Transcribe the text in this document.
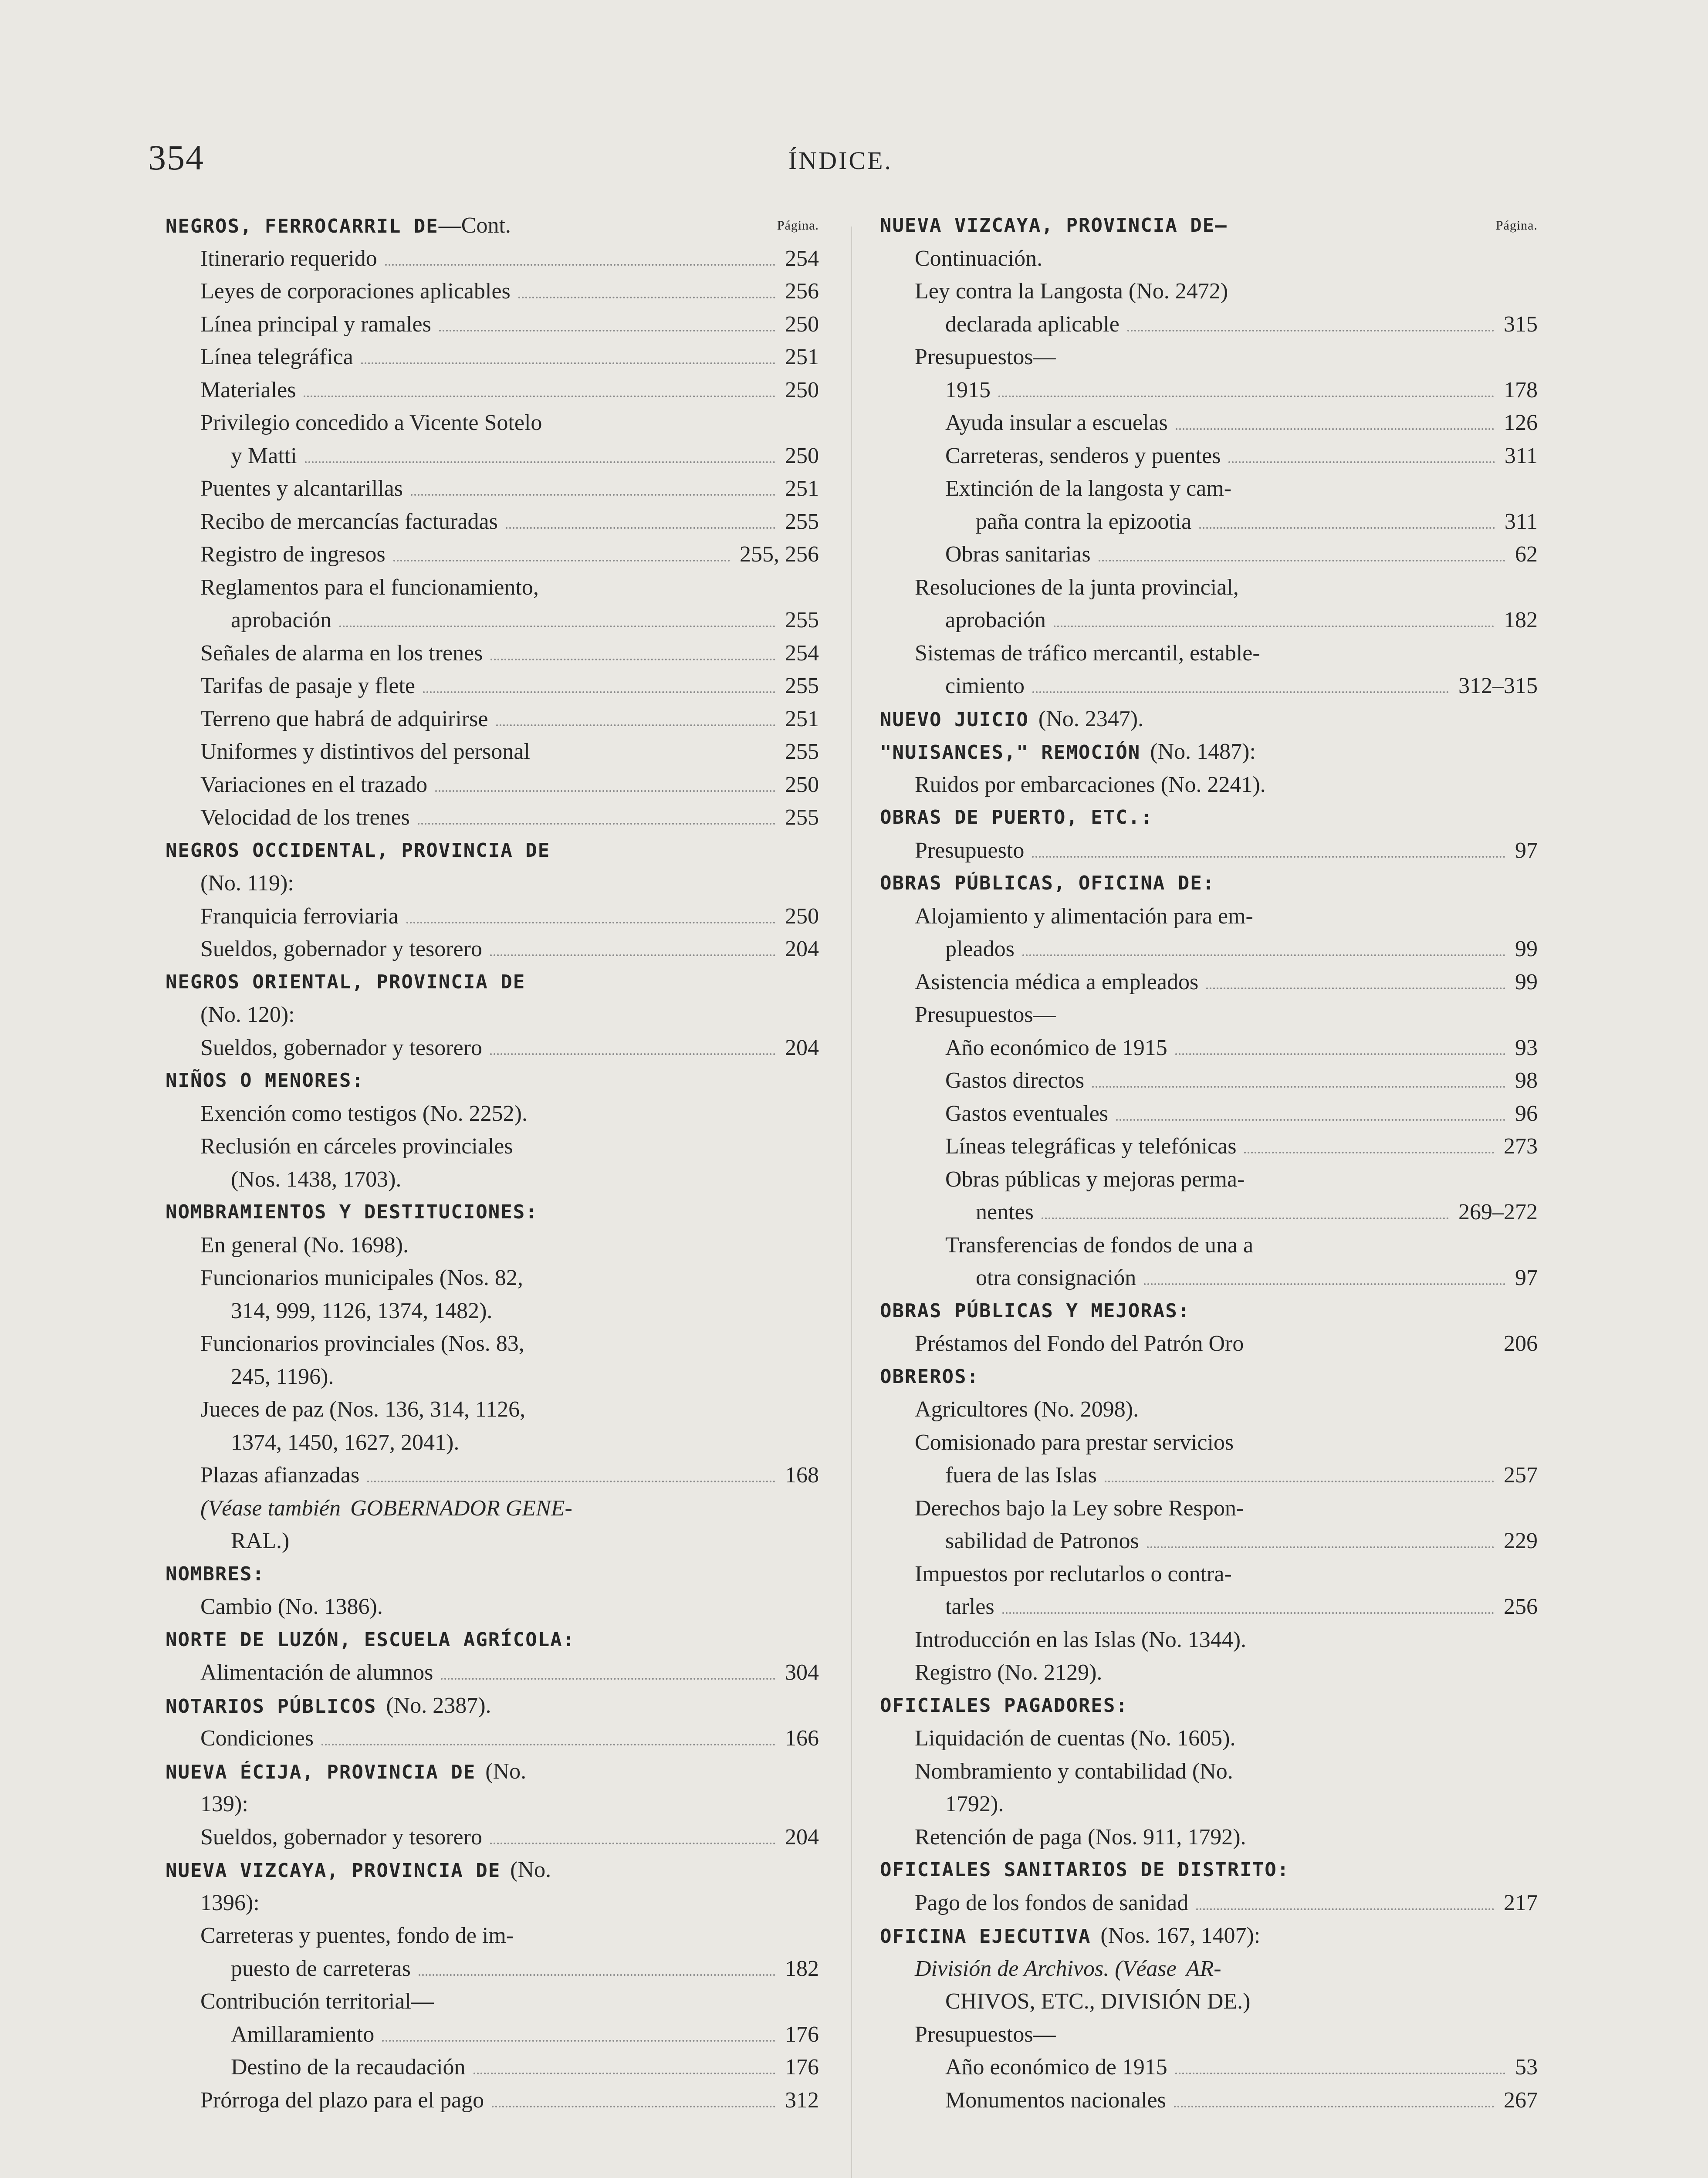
354	ÍNDICE.
NEGROS, FERROCARRIL DE—Cont.	Página.
Itinerario requerido	254
Leyes de corporaciones aplicables	256
Línea principal y ramales	250
Línea telegráfica	251
Materiales	250
Privilegio concedido a Vicente Sotelo
y Matti	250
Puentes y alcantarillas	251
Recibo de mercancías facturadas	255
Registro de ingresos	255, 256
Reglamentos para el funcionamiento,
aprobación	255
Señales de alarma en los trenes	254
Tarifas de pasaje y flete	255
Terreno que habrá de adquirirse	251
Uniformes y distintivos del personal	255
Variaciones en el trazado	250
Velocidad de los trenes	255
NEGROS OCCIDENTAL, PROVINCIA DE
(No. 119):
Franquicia ferroviaria	250
Sueldos, gobernador y tesorero	204
NEGROS ORIENTAL, PROVINCIA DE
(No. 120):
Sueldos, gobernador y tesorero	204
NIÑOS O MENORES:
Exención como testigos (No. 2252).
Reclusión en cárceles provinciales
(Nos. 1438, 1703).
NOMBRAMIENTOS Y DESTITUCIONES:
En general (No. 1698).
Funcionarios municipales (Nos. 82,
314, 999, 1126, 1374, 1482).
Funcionarios provinciales (Nos. 83,
245, 1196).
Jueces de paz (Nos. 136, 314, 1126,
1374, 1450, 1627, 2041).
Plazas afianzadas	168
(Véase también GOBERNADOR GENE-
RAL.)
NOMBRES:
Cambio (No. 1386).
NORTE DE LUZÓN, ESCUELA AGRÍCOLA:
Alimentación de alumnos	304
NOTARIOS PÚBLICOS (No. 2387).
Condiciones	166
NUEVA ÉCIJA, PROVINCIA DE (No.
139):
Sueldos, gobernador y tesorero	204
NUEVA VIZCAYA, PROVINCIA DE (No.
1396):
Carreteras y puentes, fondo de im-
puesto de carreteras	182
Contribución territorial—
Amillaramiento	176
Destino de la recaudación	176
Prórroga del plazo para el pago	312
NUEVA VIZCAYA, PROVINCIA DE—	Página.
Continuación.
Ley contra la Langosta (No. 2472)
declarada aplicable	315
Presupuestos—
1915	178
Ayuda insular a escuelas	126
Carreteras, senderos y puentes	311
Extinción de la langosta y cam-
paña contra la epizootia	311
Obras sanitarias	62
Resoluciones de la junta provincial,
aprobación	182
Sistemas de tráfico mercantil, estable-
cimiento	312–315
NUEVO JUICIO (No. 2347).
"NUISANCES," REMOCIÓN (No. 1487):
Ruidos por embarcaciones (No. 2241).
OBRAS DE PUERTO, ETC.:
Presupuesto	97
OBRAS PÚBLICAS, OFICINA DE:
Alojamiento y alimentación para em-
pleados	99
Asistencia médica a empleados	99
Presupuestos—
Año económico de 1915	93
Gastos directos	98
Gastos eventuales	96
Líneas telegráficas y telefónicas	273
Obras públicas y mejoras perma-
nentes	269–272
Transferencias de fondos de una a
otra consignación	97
OBRAS PÚBLICAS Y MEJORAS:
Préstamos del Fondo del Patrón Oro	206
OBREROS:
Agricultores (No. 2098).
Comisionado para prestar servicios
fuera de las Islas	257
Derechos bajo la Ley sobre Respon-
sabilidad de Patronos	229
Impuestos por reclutarlos o contra-
tarles	256
Introducción en las Islas (No. 1344).
Registro (No. 2129).
OFICIALES PAGADORES:
Liquidación de cuentas (No. 1605).
Nombramiento y contabilidad (No.
1792).
Retención de paga (Nos. 911, 1792).
OFICIALES SANITARIOS DE DISTRITO:
Pago de los fondos de sanidad	217
OFICINA EJECUTIVA (Nos. 167, 1407):
División de Archivos. (Véase AR-
CHIVOS, ETC., DIVISIÓN DE.)
Presupuestos—
Año económico de 1915	53
Monumentos nacionales	267
